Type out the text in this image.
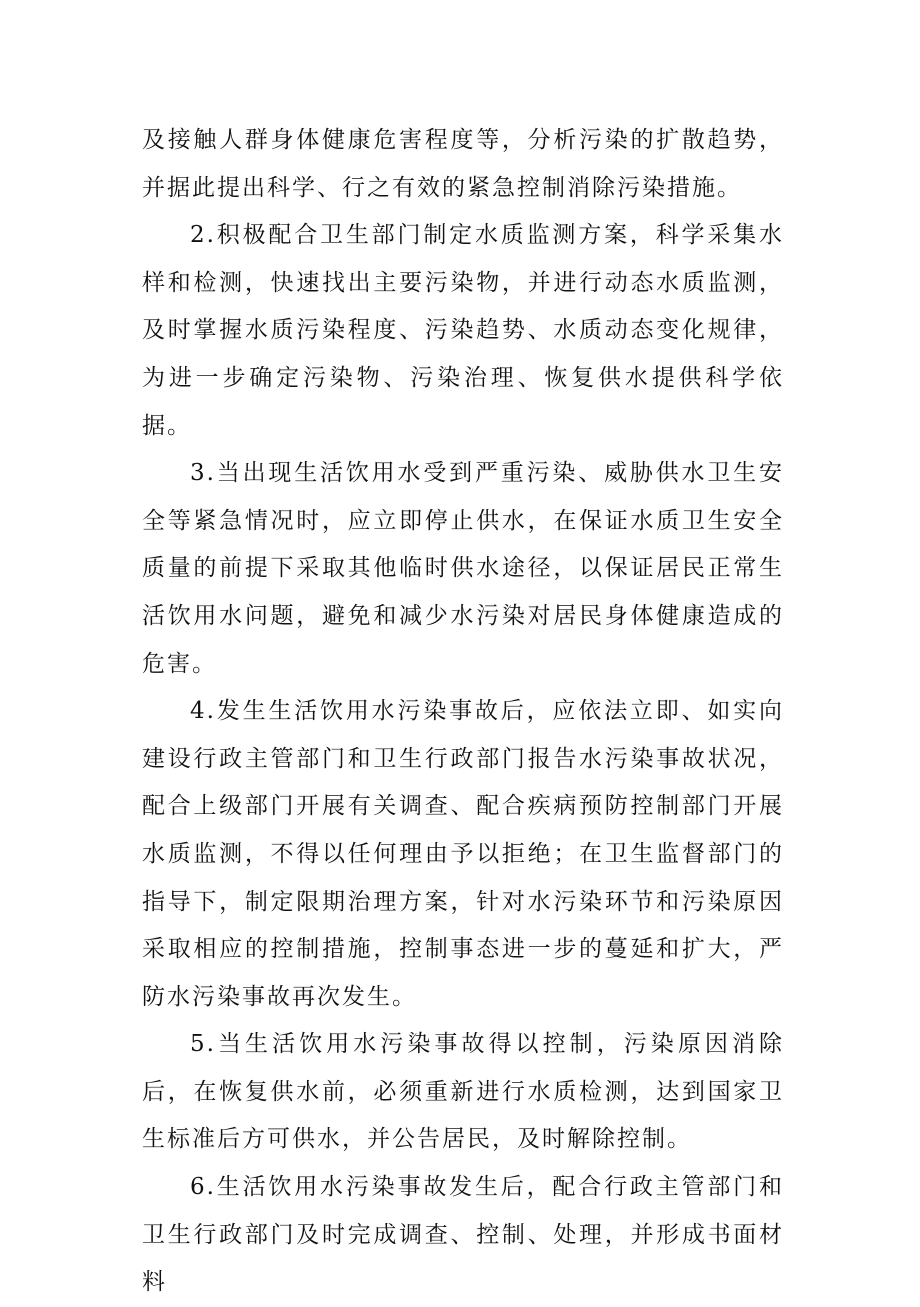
及接触人群身体健康危害程度等，分析污染的扩散趋势，并据此提出科学、行之有效的紧急控制消除污染措施。

2.积极配合卫生部门制定水质监测方案，科学采集水样和检测，快速找出主要污染物，并进行动态水质监测，及时掌握水质污染程度、污染趋势、水质动态变化规律，为进一步确定污染物、污染治理、恢复供水提供科学依据。

3.当出现生活饮用水受到严重污染、威胁供水卫生安全等紧急情况时，应立即停止供水，在保证水质卫生安全质量的前提下采取其他临时供水途径，以保证居民正常生活饮用水问题，避免和减少水污染对居民身体健康造成的危害。

4.发生生活饮用水污染事故后，应依法立即、如实向建设行政主管部门和卫生行政部门报告水污染事故状况，配合上级部门开展有关调查、配合疾病预防控制部门开展水质监测，不得以任何理由予以拒绝；在卫生监督部门的指导下，制定限期治理方案，针对水污染环节和污染原因采取相应的控制措施，控制事态进一步的蔓延和扩大，严防水污染事故再次发生。

5.当生活饮用水污染事故得以控制，污染原因消除后，在恢复供水前，必须重新进行水质检测，达到国家卫生标准后方可供水，并公告居民，及时解除控制。

6.生活饮用水污染事故发生后，配合行政主管部门和卫生行政部门及时完成调查、控制、处理，并形成书面材料
